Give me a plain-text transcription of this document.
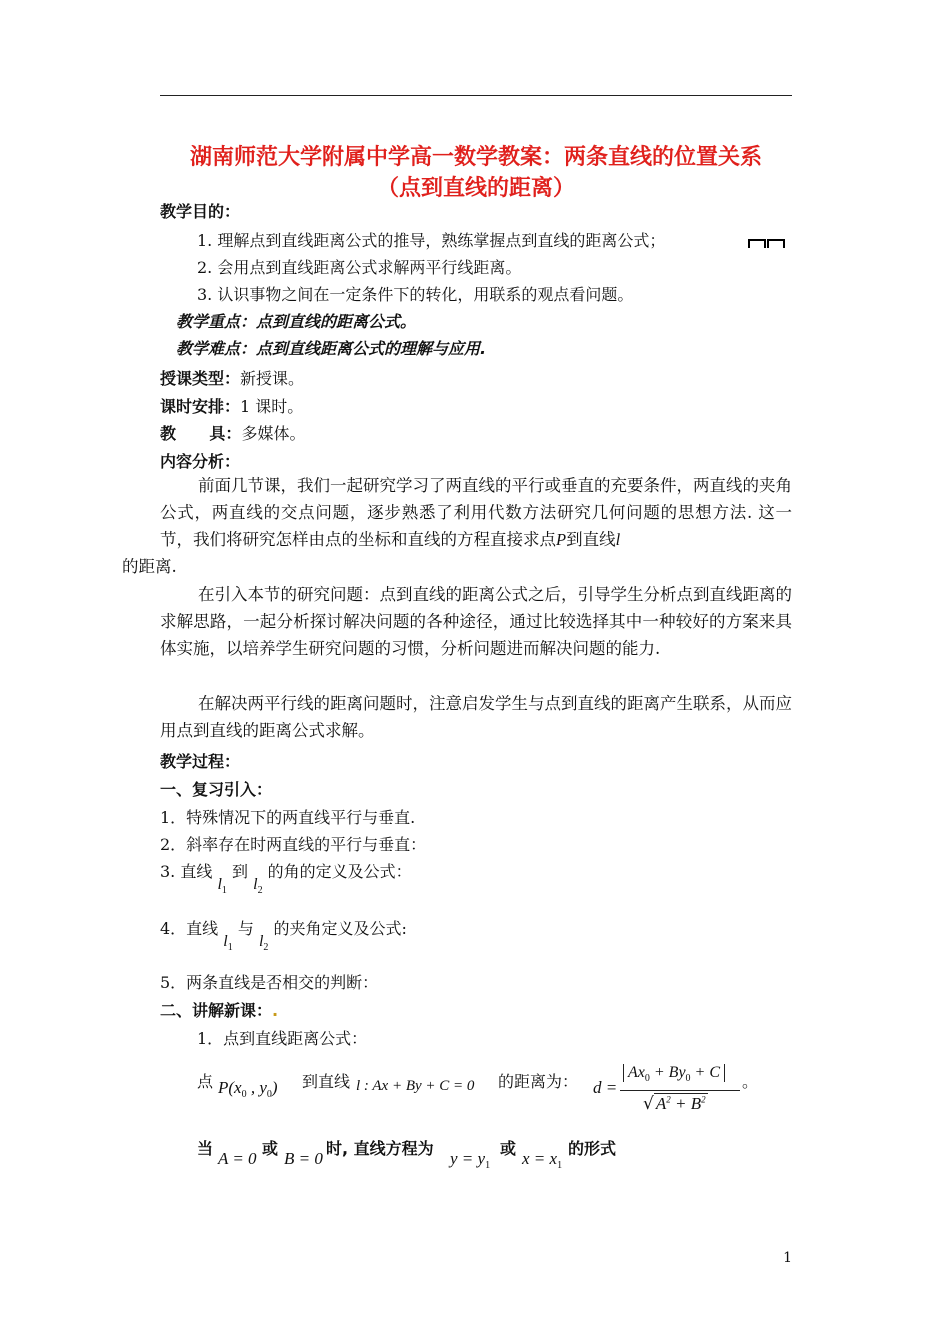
湖南师范大学附属中学高一数学教案：两条直线的位置关系
（点到直线的距离）
教学目的：
1. 理解点到直线距离公式的推导，熟练掌握点到直线的距离公式；
2. 会用点到直线距离公式求解两平行线距离。
3. 认识事物之间在一定条件下的转化，用联系的观点看问题。
教学重点：点到直线的距离公式。
教学难点：点到直线距离公式的理解与应用.
授课类型：新授课。
课时安排：1 课时。
教      具：多媒体。
内容分析：
前面几节课，我们一起研究学习了两直线的平行或垂直的充要条件，两直线的夹角公式，两直线的交点问题，逐步熟悉了利用代数方法研究几何问题的思想方法. 这一节，我们将研究怎样由点的坐标和直线的方程直接求点P到直线l
的距离.
在引入本节的研究问题：点到直线的距离公式之后，引导学生分析点到直线距离的求解思路，一起分析探讨解决问题的各种途径，通过比较选择其中一种较好的方案来具体实施，以培养学生研究问题的习惯，分析问题进而解决问题的能力.
在解决两平行线的距离问题时，注意启发学生与点到直线的距离产生联系，从而应用点到直线的距离公式求解。
教学过程：
一、复习引入：
1．特殊情况下的两直线平行与垂直.
2．斜率存在时两直线的平行与垂直：
3. 直线 $l_1$ 到 $l_2$ 的角的定义及公式：
4．直线 $l_1$ 与 $l_2$ 的夹角定义及公式:
5．两条直线是否相交的判断：
二、讲解新课：.
1．点到直线距离公式：
点 $P(x_0$ , $y_0$) 到直线 l : Ax + By + C = 0 的距离为： d =
$Ax_0 + By_0 + C$
√ $A^2 + B^2$
。
当
A = 0
或
B = 0
时, 直线方程为
$y = y_1$
或
$x = x_1$
的形式
1
